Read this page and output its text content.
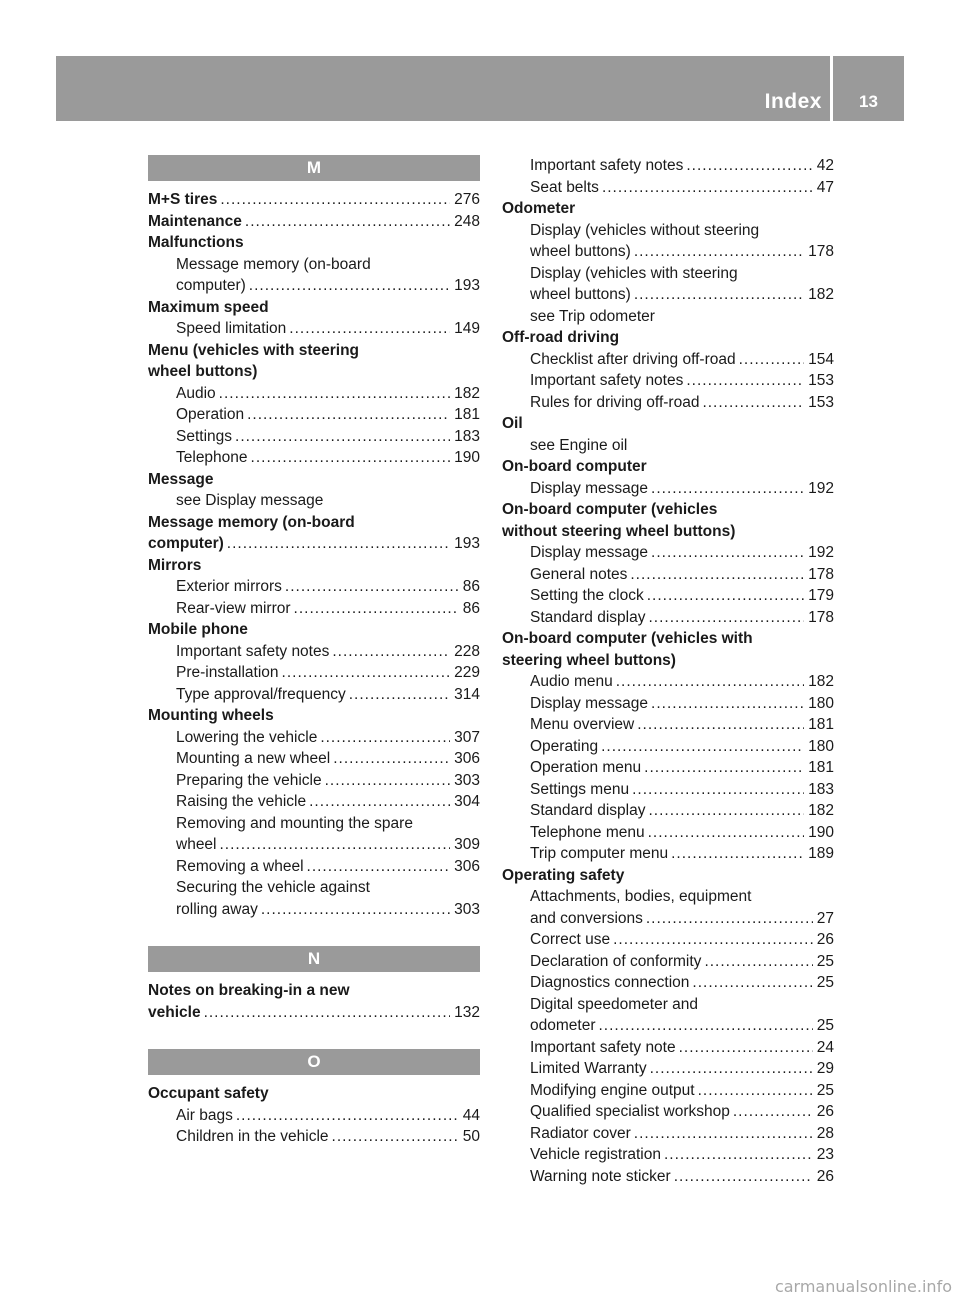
Index	13
M
M+S tires .....	276
Maintenance .....	248
Malfunctions
Message memory (on-board
computer) .....	193
Maximum speed
Speed limitation .....	149
Menu (vehicles with steering
wheel buttons)
Audio .....	182
Operation .....	181
Settings .....	183
Telephone .....	190
Message
see Display message
Message memory (on-board
computer) .....	193
Mirrors
Exterior mirrors .....	86
Rear-view mirror .....	86
Mobile phone
Important safety notes .....	228
Pre-installation .....	229
Type approval/frequency .....	314
Mounting wheels
Lowering the vehicle .....	307
Mounting a new wheel .....	306
Preparing the vehicle .....	303
Raising the vehicle .....	304
Removing and mounting the spare
wheel .....	309
Removing a wheel .....	306
Securing the vehicle against
rolling away .....	303
N
Notes on breaking-in a new
vehicle .....	132
O
Occupant safety
Air bags .....	44
Children in the vehicle .....	50
Important safety notes .....	42
Seat belts .....	47
Odometer
Display (vehicles without steering
wheel buttons) .....	178
Display (vehicles with steering
wheel buttons) .....	182
see Trip odometer
Off-road driving
Checklist after driving off-road .....	154
Important safety notes .....	153
Rules for driving off-road .....	153
Oil
see Engine oil
On-board computer
Display message .....	192
On-board computer (vehicles
without steering wheel buttons)
Display message .....	192
General notes .....	178
Setting the clock .....	179
Standard display .....	178
On-board computer (vehicles with
steering wheel buttons)
Audio menu .....	182
Display message .....	180
Menu overview .....	181
Operating .....	180
Operation menu .....	181
Settings menu .....	183
Standard display .....	182
Telephone menu .....	190
Trip computer menu .....	189
Operating safety
Attachments, bodies, equipment
and conversions .....	27
Correct use .....	26
Declaration of conformity .....	25
Diagnostics connection .....	25
Digital speedometer and
odometer .....	25
Important safety note .....	24
Limited Warranty .....	29
Modifying engine output .....	25
Qualified specialist workshop .....	26
Radiator cover .....	28
Vehicle registration .....	23
Warning note sticker .....	26
carmanualsonline.info
